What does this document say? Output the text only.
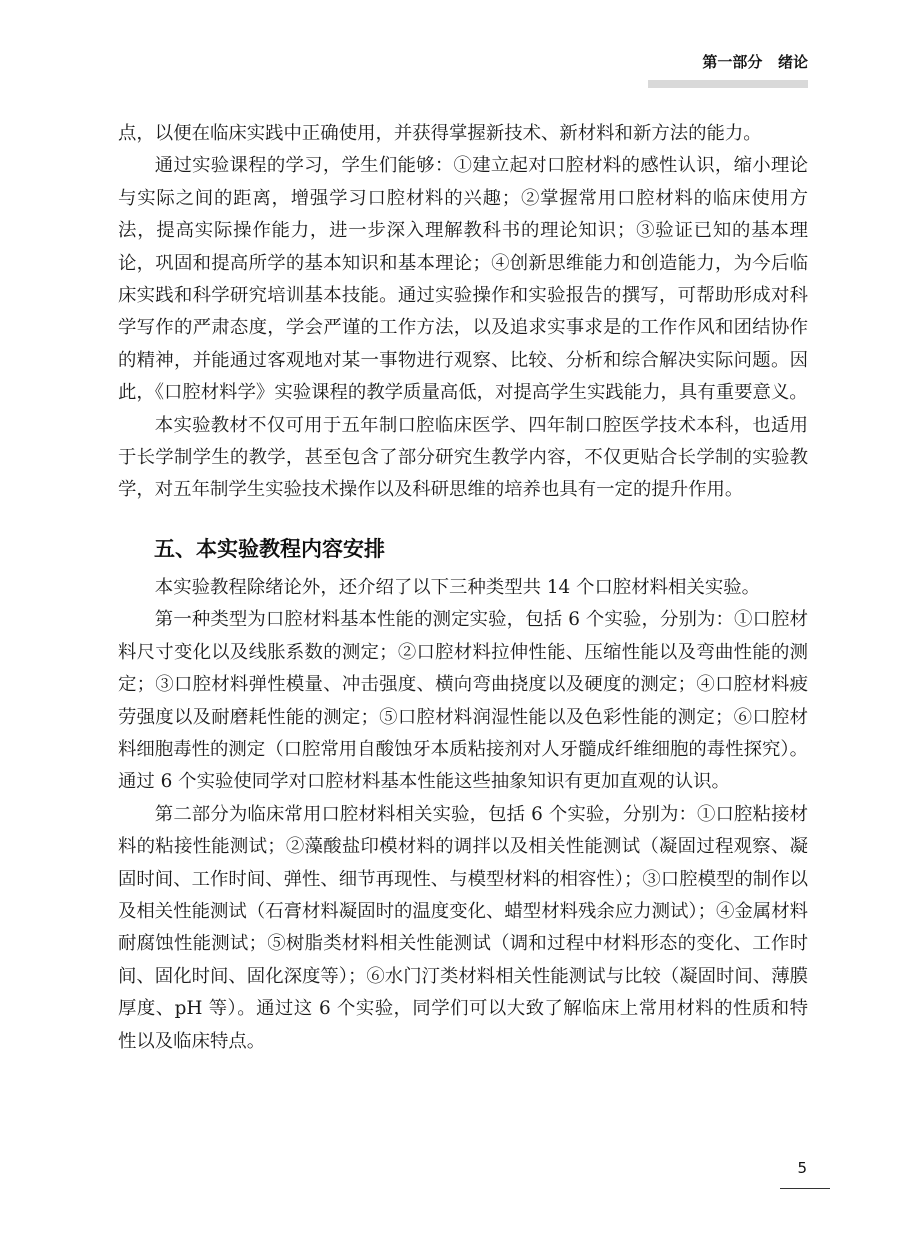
第一部分   绪论

点，以便在临床实践中正确使用，并获得掌握新技术、新材料和新方法的能力。

通过实验课程的学习，学生们能够：①建立起对口腔材料的感性认识，缩小理论与实际之间的距离，增强学习口腔材料的兴趣；②掌握常用口腔材料的临床使用方法，提高实际操作能力，进一步深入理解教科书的理论知识；③验证已知的基本理论，巩固和提高所学的基本知识和基本理论；④创新思维能力和创造能力，为今后临床实践和科学研究培训基本技能。通过实验操作和实验报告的撰写，可帮助形成对科学写作的严肃态度，学会严谨的工作方法，以及追求实事求是的工作作风和团结协作的精神，并能通过客观地对某一事物进行观察、比较、分析和综合解决实际问题。因此，《口腔材料学》实验课程的教学质量高低，对提高学生实践能力，具有重要意义。

本实验教材不仅可用于五年制口腔临床医学、四年制口腔医学技术本科，也适用于长学制学生的教学，甚至包含了部分研究生教学内容，不仅更贴合长学制的实验教学，对五年制学生实验技术操作以及科研思维的培养也具有一定的提升作用。

五、本实验教程内容安排

本实验教程除绪论外，还介绍了以下三种类型共 14 个口腔材料相关实验。

第一种类型为口腔材料基本性能的测定实验，包括 6 个实验，分别为：①口腔材料尺寸变化以及线胀系数的测定；②口腔材料拉伸性能、压缩性能以及弯曲性能的测定；③口腔材料弹性模量、冲击强度、横向弯曲挠度以及硬度的测定；④口腔材料疲劳强度以及耐磨耗性能的测定；⑤口腔材料润湿性能以及色彩性能的测定；⑥口腔材料细胞毒性的测定（口腔常用自酸蚀牙本质粘接剂对人牙髓成纤维细胞的毒性探究）。通过 6 个实验使同学对口腔材料基本性能这些抽象知识有更加直观的认识。

第二部分为临床常用口腔材料相关实验，包括 6 个实验，分别为：①口腔粘接材料的粘接性能测试；②藻酸盐印模材料的调拌以及相关性能测试（凝固过程观察、凝固时间、工作时间、弹性、细节再现性、与模型材料的相容性）；③口腔模型的制作以及相关性能测试（石膏材料凝固时的温度变化、蜡型材料残余应力测试）；④金属材料耐腐蚀性能测试；⑤树脂类材料相关性能测试（调和过程中材料形态的变化、工作时间、固化时间、固化深度等）；⑥水门汀类材料相关性能测试与比较（凝固时间、薄膜厚度、pH 等）。通过这 6 个实验，同学们可以大致了解临床上常用材料的性质和特性以及临床特点。

5
